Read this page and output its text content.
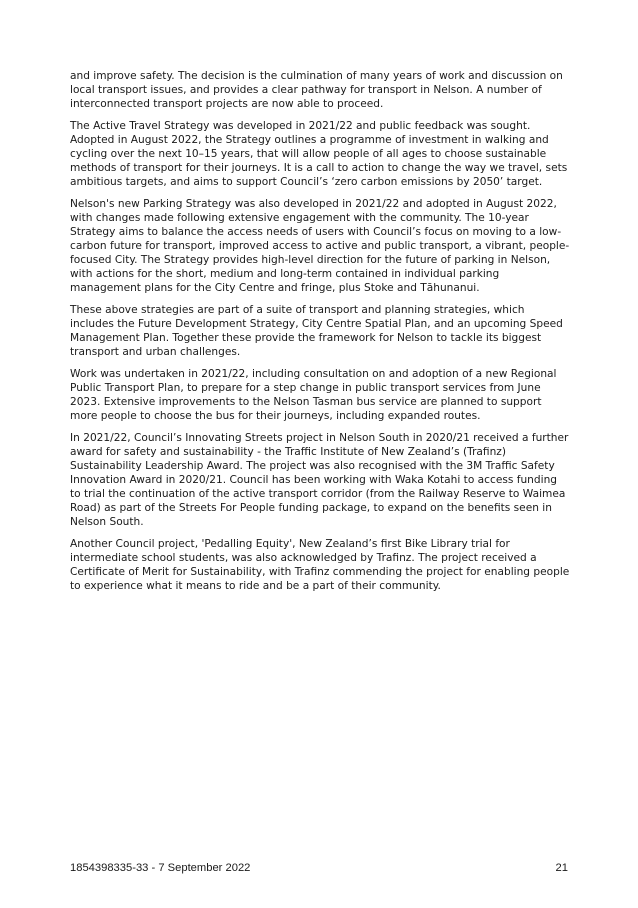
and improve safety. The decision is the culmination of many years of work and discussion on local transport issues, and provides a clear pathway for transport in Nelson. A number of interconnected transport projects are now able to proceed.

The Active Travel Strategy was developed in 2021/22 and public feedback was sought. Adopted in August 2022, the Strategy outlines a programme of investment in walking and cycling over the next 10–15 years, that will allow people of all ages to choose sustainable methods of transport for their journeys. It is a call to action to change the way we travel, sets ambitious targets, and aims to support Council’s ‘zero carbon emissions by 2050’ target.

Nelson's new Parking Strategy was also developed in 2021/22 and adopted in August 2022, with changes made following extensive engagement with the community. The 10-year Strategy aims to balance the access needs of users with Council’s focus on moving to a low-carbon future for transport, improved access to active and public transport, a vibrant, people-focused City. The Strategy provides high-level direction for the future of parking in Nelson, with actions for the short, medium and long-term contained in individual parking management plans for the City Centre and fringe, plus Stoke and Tāhunanui.

These above strategies are part of a suite of transport and planning strategies, which includes the Future Development Strategy, City Centre Spatial Plan, and an upcoming Speed Management Plan. Together these provide the framework for Nelson to tackle its biggest transport and urban challenges.

Work was undertaken in 2021/22, including consultation on and adoption of a new Regional Public Transport Plan, to prepare for a step change in public transport services from June 2023. Extensive improvements to the Nelson Tasman bus service are planned to support more people to choose the bus for their journeys, including expanded routes.

In 2021/22, Council’s Innovating Streets project in Nelson South in 2020/21 received a further award for safety and sustainability - the Traffic Institute of New Zealand’s (Trafinz) Sustainability Leadership Award. The project was also recognised with the 3M Traffic Safety Innovation Award in 2020/21. Council has been working with Waka Kotahi to access funding to trial the continuation of the active transport corridor (from the Railway Reserve to Waimea Road) as part of the Streets For People funding package, to expand on the benefits seen in Nelson South.

Another Council project, 'Pedalling Equity', New Zealand’s first Bike Library trial for intermediate school students, was also acknowledged by Trafinz. The project received a Certificate of Merit for Sustainability, with Trafinz commending the project for enabling people to experience what it means to ride and be a part of their community.

1854398335-33 - 7 September 2022	21
